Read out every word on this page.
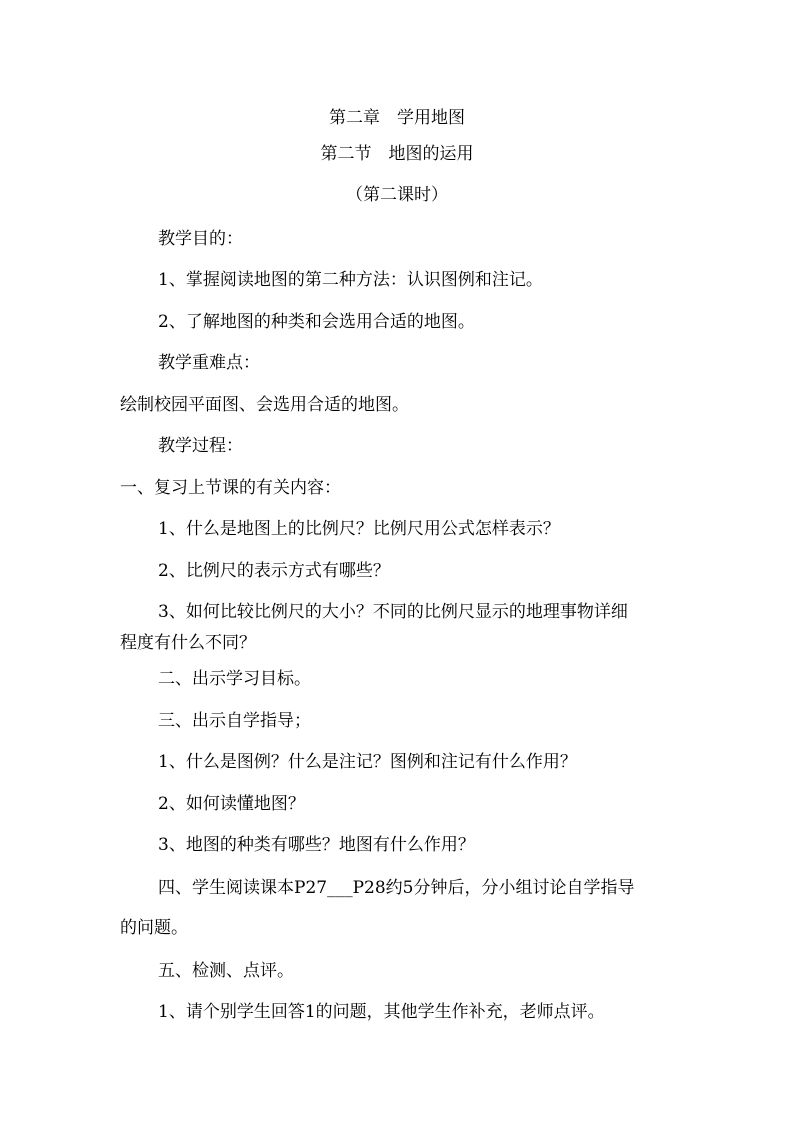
第二章　学用地图
第二节　地图的运用
（第二课时）
教学目的：
1、掌握阅读地图的第二种方法：认识图例和注记。
2、了解地图的种类和会选用合适的地图。
教学重难点：
绘制校园平面图、会选用合适的地图。
教学过程：
一、复习上节课的有关内容：
1、什么是地图上的比例尺？比例尺用公式怎样表示？
2、比例尺的表示方式有哪些？
3、如何比较比例尺的大小？不同的比例尺显示的地理事物详细
程度有什么不同？
二、出示学习目标。
三、出示自学指导；
1、什么是图例？什么是注记？图例和注记有什么作用？
2、如何读懂地图？
3、地图的种类有哪些？地图有什么作用？
四、学生阅读课本P27___P28约5分钟后，分小组讨论自学指导
的问题。
五、检测、点评。
1、请个别学生回答1的问题，其他学生作补充，老师点评。
